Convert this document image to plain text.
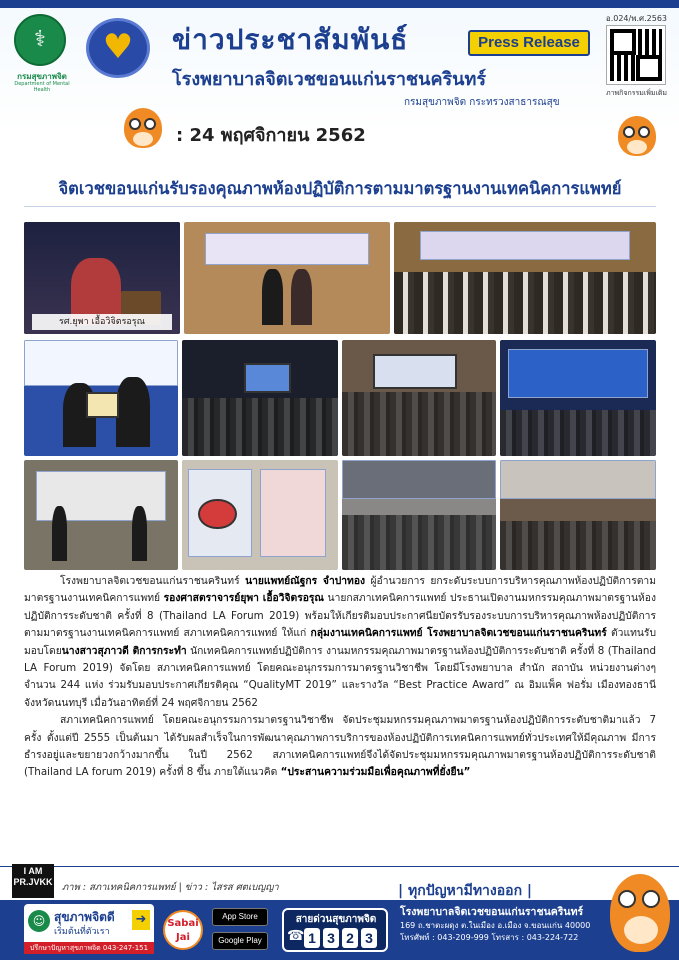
อ.024/พ.ศ.2563
⚕
กรมสุขภาพจิต
Department of Mental Health
♥ ข่าวประชาสัมพันธ์	Press Release
โรงพยาบาลจิตเวชขอนแก่นราชนครินทร์
กรมสุขภาพจิต กระทรวงสาธารณสุข
ภาพกิจกรรมเพิ่มเติม
: 24 พฤศจิกายน 2562
จิตเวชขอนแก่นรับรองคุณภาพห้องปฏิบัติการตามมาตรฐานงานเทคนิคการแพทย์
รศ.ยุพา เอื้อวิจิตรอรุณ

โรงพยาบาลจิตเวชขอนแก่นราชนครินทร์ นายแพทย์ณัฐกร จำปาทอง ผู้อำนวยการ ยกระดับระบบการบริหารคุณภาพห้องปฏิบัติการตามมาตรฐานงานเทคนิคการแพทย์ รองศาสตราจารย์ยุพา เอื้อวิจิตรอรุณ นายกสภาเทคนิคการแพทย์ ประธานเปิดงานมหกรรมคุณภาพมาตรฐานห้องปฏิบัติการระดับชาติ ครั้งที่ 8 (Thailand LA Forum 2019) พร้อมให้เกียรติมอบประกาศนียบัตรรับรองระบบการบริหารคุณภาพห้องปฏิบัติการตามมาตรฐานงานเทคนิคการแพทย์ สภาเทคนิคการแพทย์ ให้แก่ กลุ่มงานเทคนิคการแพทย์ โรงพยาบาลจิตเวชขอนแก่นราชนครินทร์ ตัวแทนรับมอบโดยนางสาวสุภาวดี ติการกระทำ นักเทคนิคการแพทย์ปฏิบัติการ งานมหกรรมคุณภาพมาตรฐานห้องปฏิบัติการระดับชาติ ครั้งที่ 8 (Thailand LA Forum 2019) จัดโดย สภาเทคนิคการแพทย์ โดยคณะอนุกรรมการมาตรฐานวิชาชีพ โดยมีโรงพยาบาล สำนัก สถาบัน หน่วยงานต่างๆ จำนวน 244 แห่ง ร่วมรับมอบประกาศเกียรติคุณ “QualityMT 2019” และรางวัล “Best Practice Award” ณ อิมแพ็ค ฟอรั่ม เมืองทองธานี จังหวัดนนทบุรี เมื่อวันอาทิตย์ที่ 24 พฤศจิกายน 2562

สภาเทคนิคการแพทย์ โดยคณะอนุกรรมการมาตรฐานวิชาชีพ จัดประชุมมหกรรมคุณภาพมาตรฐานห้องปฏิบัติการระดับชาติมาแล้ว 7 ครั้ง ตั้งแต่ปี 2555 เป็นต้นมา ได้รับผลสำเร็จในการพัฒนาคุณภาพการบริการของห้องปฏิบัติการเทคนิคการแพทย์ทั่วประเทศให้มีคุณภาพ มีการธำรงอยู่และขยายวงกว้างมากขึ้น ในปี 2562 สภาเทคนิคการแพทย์จึงได้จัดประชุมมหกรรมคุณภาพมาตรฐานห้องปฏิบัติการระดับชาติ (Thailand LA forum 2019) ครั้งที่ 8 ขึ้น ภายใต้แนวคิด “ประสานความร่วมมือเพื่อคุณภาพที่ยั่งยืน”

I AM PR.JVKK ภาพ : สภาเทคนิคการแพทย์ | ข่าว : ไสรส ศตเบญญา	| ทุกปัญหามีทางออก |
☺ สุขภาพจิตดี
เริ่มต้นที่ตัวเรา
➜
ปรึกษาปัญหาสุขภาพจิต 043-247-151
Sabai Jai
App Store
Google Play
สายด่วนสุขภาพจิต
☎ 1 3 2 3
โรงพยาบาลจิตเวชขอนแก่นราชนครินทร์
169 ถ.ชาตะผดุง ต.ในเมือง อ.เมือง จ.ขอนแก่น 40000
โทรศัพท์ : 043-209-999 โทรสาร : 043-224-722
